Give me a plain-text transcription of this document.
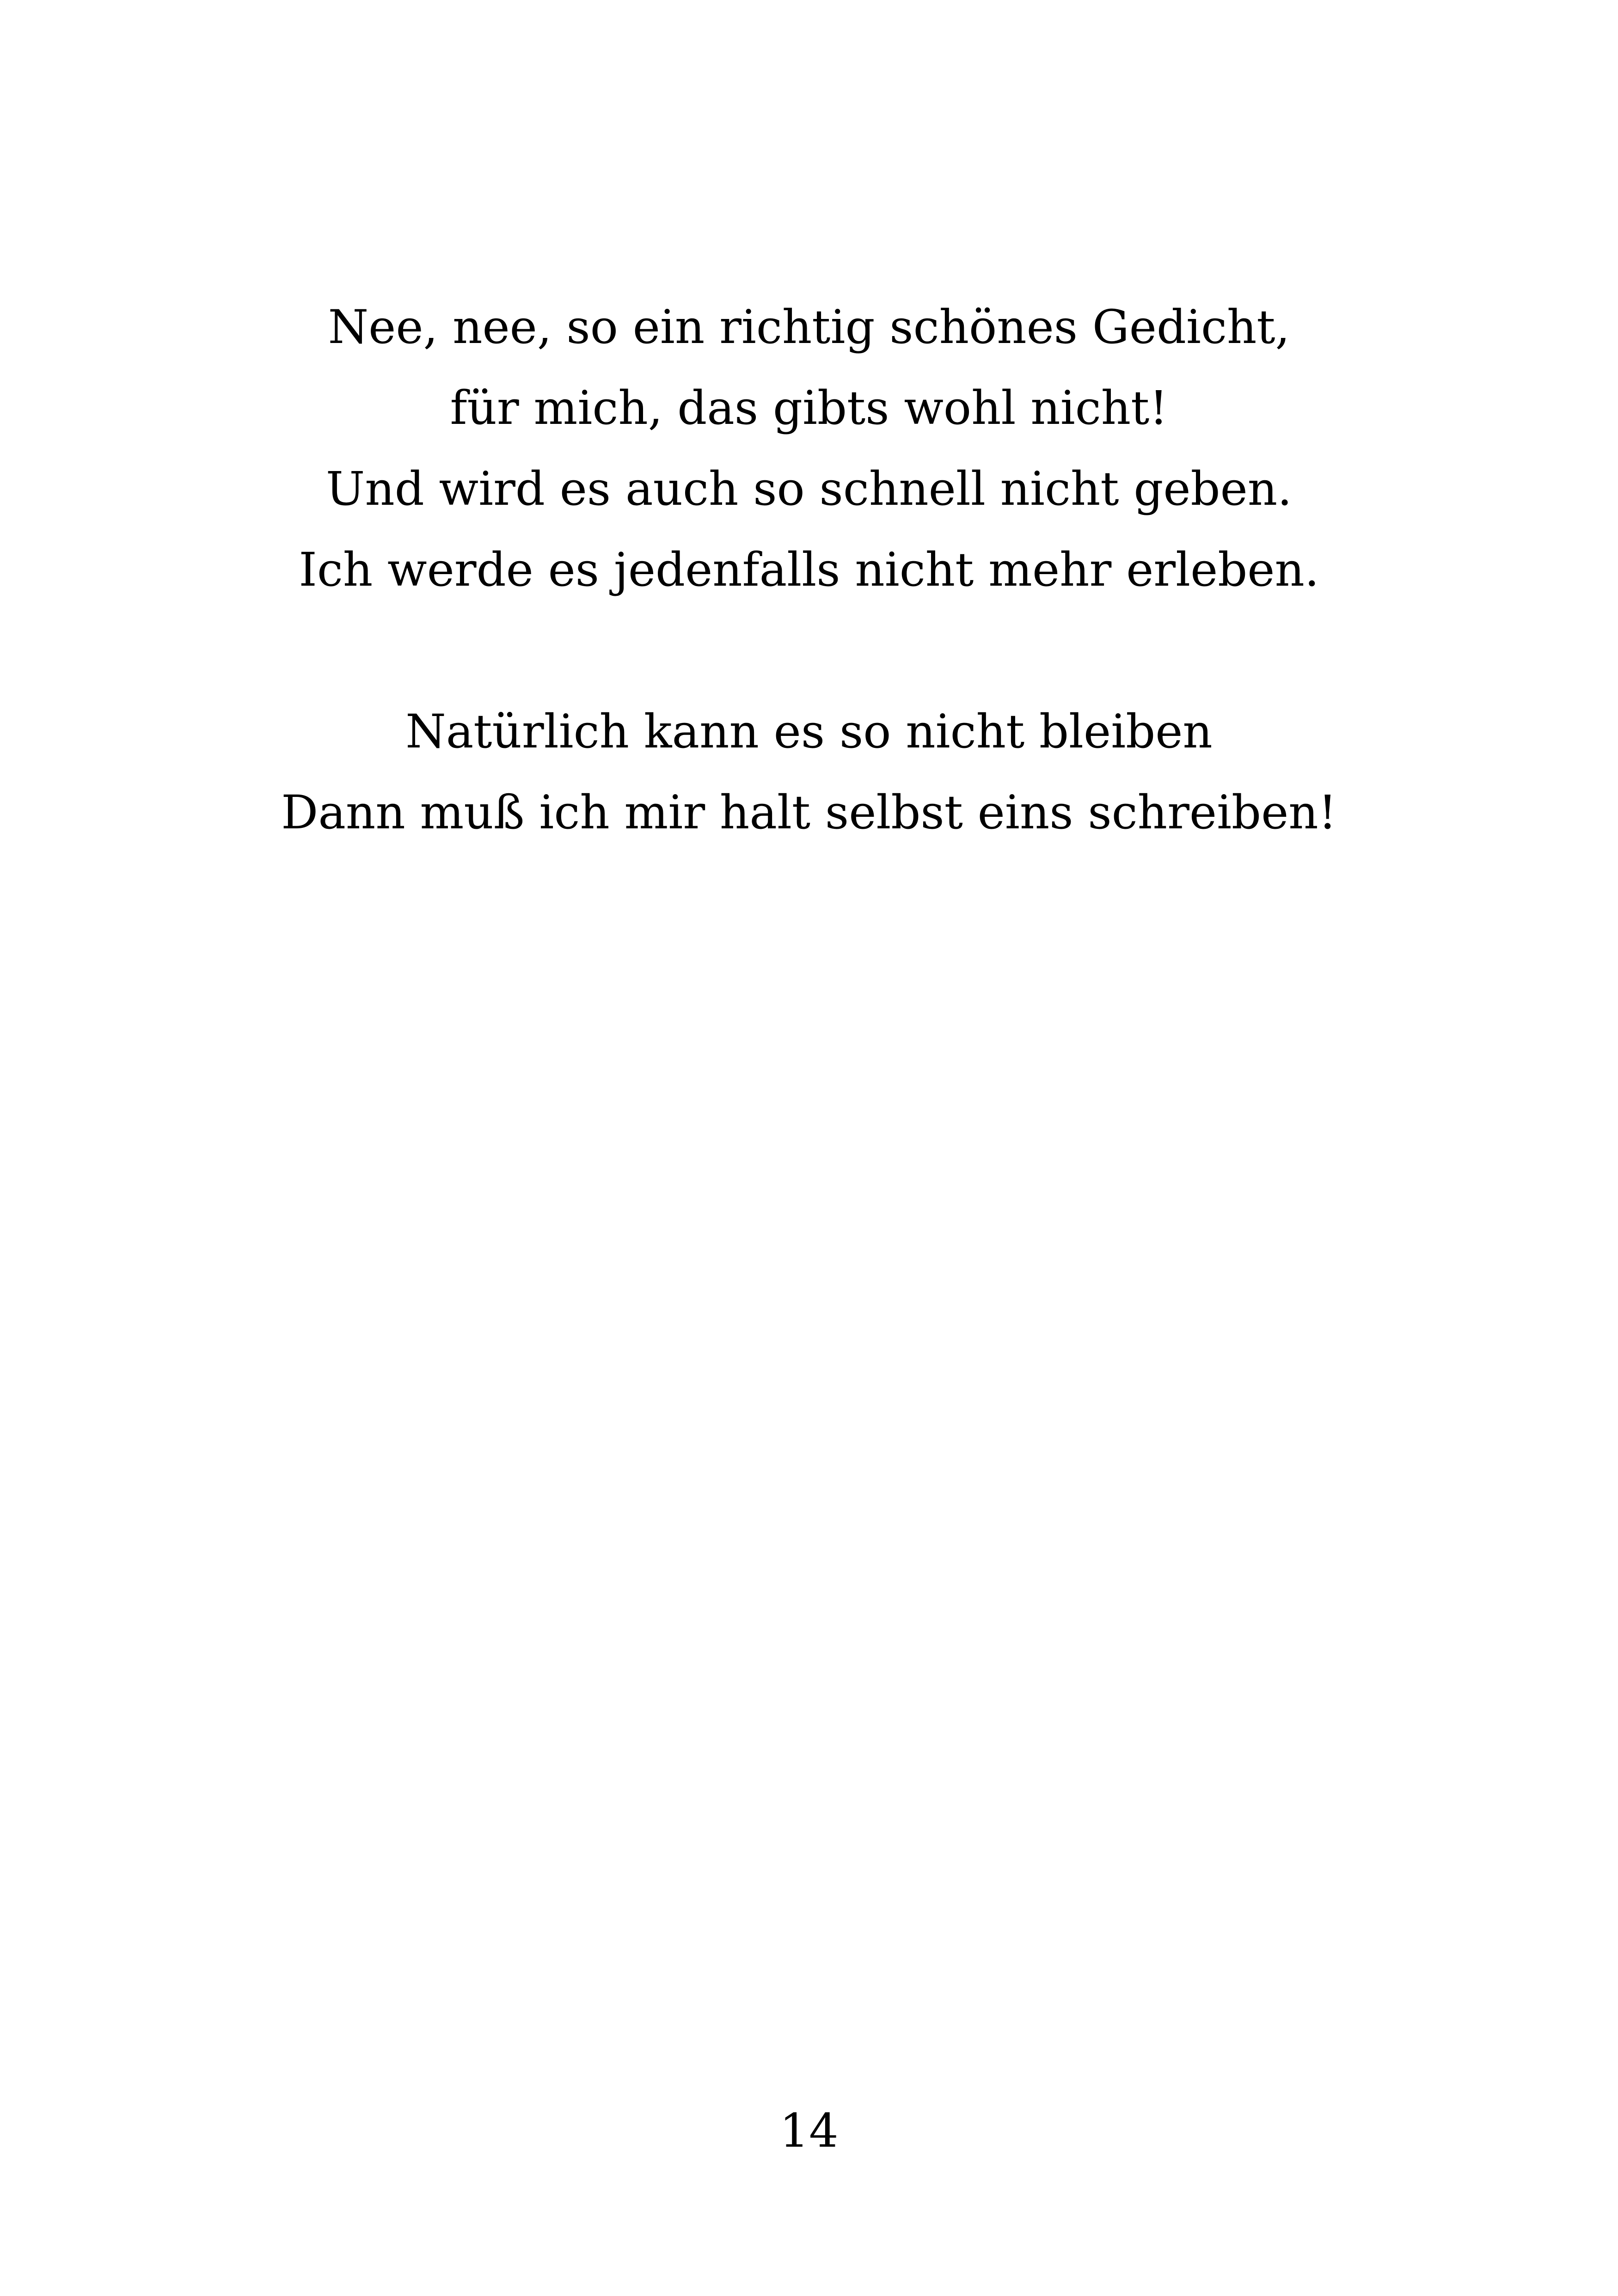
Nee, nee, so ein richtig schönes Gedicht,
für mich, das gibts wohl nicht!
Und wird es auch so schnell nicht geben.
Ich werde es jedenfalls nicht mehr erleben.
Natürlich kann es so nicht bleiben
Dann muß ich mir halt selbst eins schreiben!
14
